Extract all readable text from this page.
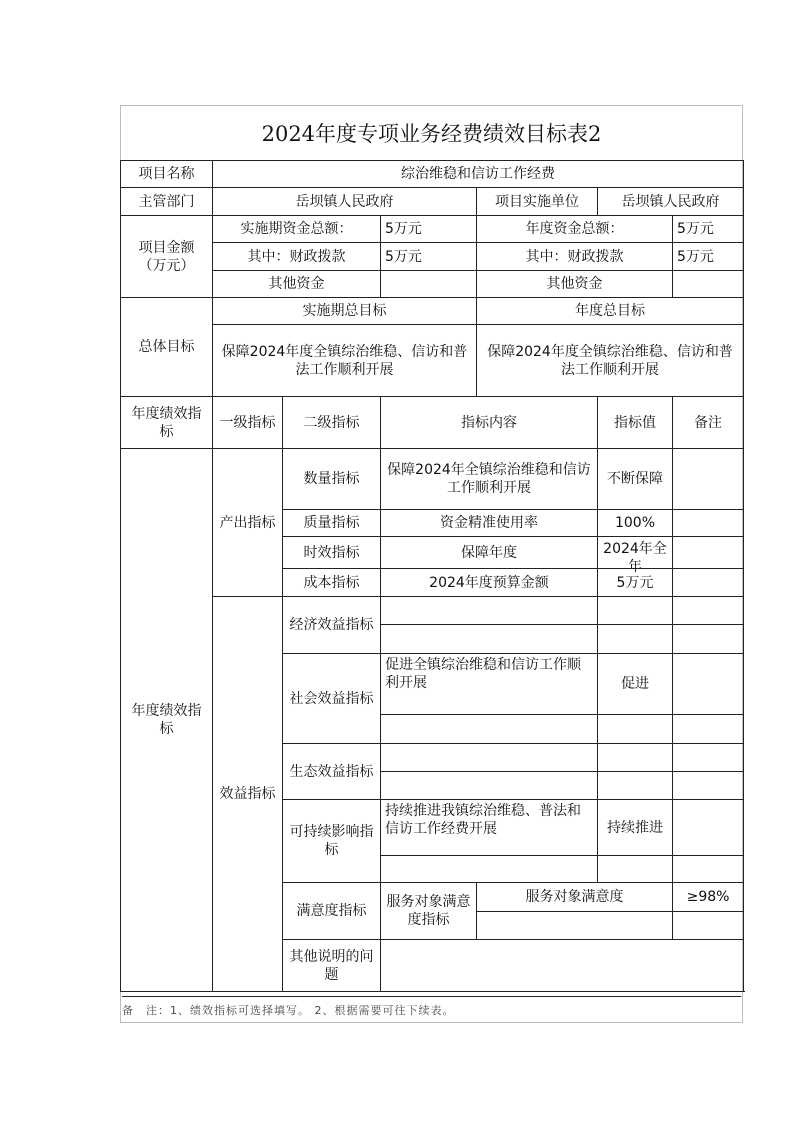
2024年度专项业务经费绩效目标表2
项目名称	综治维稳和信访工作经费						
主管部门	岳坝镇人民政府			项目实施单位	岳坝镇人民政府		
项目金额
（万元）	实施期资金总额：		5万元	年度资金总额：		5万元	
	其中：财政拨款		5万元	其中：财政拨款		5万元	
	其他资金			其他资金			
总体目标	实施期总目标			年度总目标			
	保障2024年度全镇综治维稳、信访和普法工作顺利开展			保障2024年度全镇综治维稳、信访和普法工作顺利开展			
年度绩效指标	一级指标	二级指标	指标内容		指标值	备注	
年度绩效指标	产出指标	数量指标	保障2024年全镇综治维稳和信访工作顺利开展		不断保障		
		质量指标	资金精准使用率		100%		
		时效指标	保障年度		2024年全年		

		成本指标	2024年度预算金额		5万元		
	效益指标	经济效益指标					

		社会效益指标	促进全镇综治维稳和信访工作顺利开展		促进		

		生态效益指标					

		可持续影响指标	持续推进我镇综治维稳、普法和信访工作经费开展		持续推进		

		满意度指标	服务对象满意度指标	服务对象满意度		≥98%	

		其他说明的问题					
备　注：1、绩效指标可选择填写。 2、根据需要可往下续表。
